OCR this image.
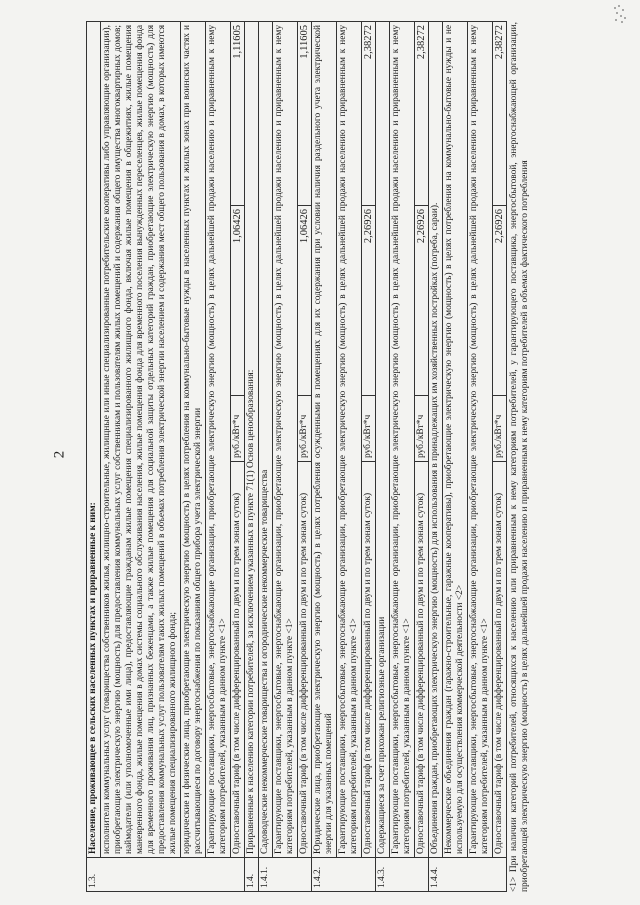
2
1.3.	Население, проживающее в сельских населенных пунктах и приравненные к ним:			
	исполнители коммунальных услуг (товарищества собственников жилья, жилищно-строительные, жилищные или иные специализированные потребительские кооперативы либо управляющие организации), приобретающие электрическую энергию (мощность) для предоставления коммунальных услуг собственникам и пользователям жилых помещений и содержания общего имущества многоквартирных домов; наймодатели (или уполномоченные ими лица), предоставляющие гражданам жилые помещения специализированного жилищного фонда, включая жилые помещения в общежитиях, жилые помещения маневренного фонда, жилые помещения в домах системы социального обслуживания населения, жилые помещения фонда для временного поселения вынужденных переселенцев, жилые помещения фонда для временного проживания лиц, признанных беженцами, а также жилые помещения для социальной защиты отдельных категорий граждан, приобретающие электрическую энергию (мощность) для предоставления коммунальных услуг пользователям таких жилых помещений в объемах потребления электрической энергии населением и содержания мест общего пользования в домах, в которых имеются жилые помещения специализированного жилищного фонда;			
	юридические и физические лица, приобретающие электрическую энергию (мощность) в целях потребления на коммунально-бытовые нужды в населенных пунктах и жилых зонах при воинских частях и рассчитывающиеся по договору энергоснабжения по показаниям общего прибора учета электрической энергии			
	Гарантирующие поставщики, энергосбытовые, энергоснабжающие организации, приобретающие электрическую энергию (мощность) в целях дальнейшей продажи населению и приравненным к нему категориям потребителей, указанным в данном пункте <1>			
	Одноставочный тариф (в том числе дифференцированный по двум и по трем зонам суток)	руб./кВт*ч	1,06426	1,11605
1.4.	Приравненные к населению категории потребителей, за исключением указанных в пункте 71(1) Основ ценообразования:			
1.4.1.	Садоводческие некоммерческие товарищества и огороднические некоммерческие товарищества			
	Гарантирующие поставщики, энергосбытовые, энергоснабжающие организации, приобретающие электрическую энергию (мощность) в целях дальнейшей продажи населению и приравненным к нему категориям потребителей, указанным в данном пункте <1>			
	Одноставочный тариф (в том числе дифференцированный по двум и по трем зонам суток)	руб./кВт*ч	1,06426	1,11605
1.4.2.	Юридические лица, приобретающие электрическую энергию (мощность) в целях потребления осужденными в помещениях для их содержания при условии наличия раздельного учета электрической энергии для указанных помещений			
	Гарантирующие поставщики, энергосбытовые, энергоснабжающие организации, приобретающие электрическую энергию (мощность) в целях дальнейшей продажи населению и приравненным к нему категориям потребителей, указанным в данном пункте <1>			
	Одноставочный тариф (в том числе дифференцированный по двум и по трем зонам суток)	руб./кВт*ч	2,26926	2,38272
1.4.3.	Содержащиеся за счет прихожан религиозные организации			
	Гарантирующие поставщики, энергосбытовые, энергоснабжающие организации, приобретающие электрическую энергию (мощность) в целях дальнейшей продажи населению и приравненным к нему категориям потребителей, указанным в данном пункте <1>			
	Одноставочный тариф (в том числе дифференцированный по двум и по трем зонам суток)	руб./кВт*ч	2,26926	2,38272
1.4.4.	Объединения граждан, приобретающих электрическую энергию (мощность) для использования в принадлежащих им хозяйственных постройках (погреба, сараи).			
	Некоммерческие объединения граждан (гаражно-строительные, гаражные кооперативы), приобретающие электрическую энергию (мощность) в целях потребления на коммунально-бытовые нужды и не используемую для осуществления коммерческой деятельности <2>			
	Гарантирующие поставщики, энергосбытовые, энергоснабжающие организации, приобретающие электрическую энергию (мощность) в целях дальнейшей продажи населению и приравненным к нему категориям потребителей, указанным в данном пункте <1>			
	Одноставочный тариф (в том числе дифференцированный по двум и по трем зонам суток)	руб./кВт*ч	2,26926	2,38272 <1> При наличии категорий потребителей, относящихся к населению или приравненным к нему категориям потребителей, у гарантирующего поставщика, энергосбытовой, энергоснабжающей организации, приобретающей электрическую энергию (мощность) в целях дальнейшей продажи населению и приравненным к нему категориям потребителей в объемах фактического потребления
